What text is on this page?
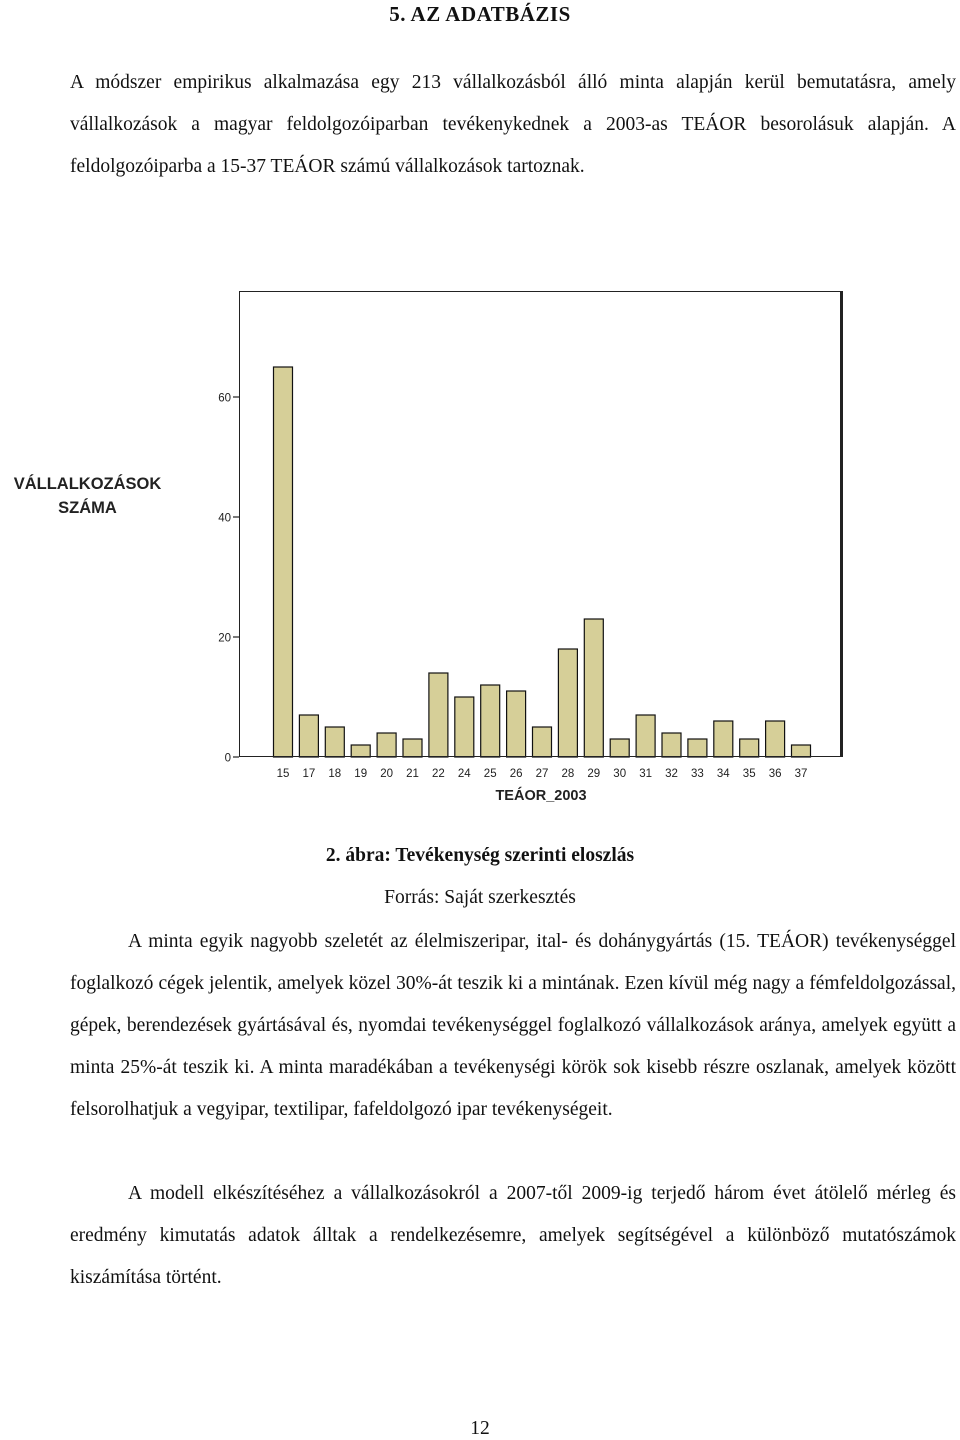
5. AZ ADATBÁZIS
A módszer empirikus alkalmazása egy 213 vállalkozásból álló minta alapján kerül bemutatásra, amely vállalkozások a magyar feldolgozóiparban tevékenykednek a 2003-as TEÁOR besorolásuk alapján. A feldolgozóiparba a 15-37 TEÁOR számú vállalkozások tartoznak.
VÁLLALKOZÁSOK
SZÁMA
0
20
40
60
15 17 18 19 20 21 22 24 25 26 27 28 29 30 31 32 33 34 35 36 37
TEÁOR_2003
2. ábra: Tevékenység szerinti eloszlás
Forrás: Saját szerkesztés
A minta egyik nagyobb szeletét az élelmiszeripar, ital- és dohánygyártás (15. TEÁOR) tevékenységgel foglalkozó cégek jelentik, amelyek közel 30%-át teszik ki a mintának. Ezen kívül még nagy a fémfeldolgozással, gépek, berendezések gyártásával és, nyomdai tevékenységgel foglalkozó vállalkozások aránya, amelyek együtt a minta 25%-át teszik ki. A minta maradékában a tevékenységi körök sok kisebb részre oszlanak, amelyek között felsorolhatjuk a vegyipar, textilipar, fafeldolgozó ipar tevékenységeit.
A modell elkészítéséhez a vállalkozásokról a 2007-től 2009-ig terjedő három évet átölelő mérleg és eredmény kimutatás adatok álltak a rendelkezésemre, amelyek segítségével a különböző mutatószámok kiszámítása történt.
12
